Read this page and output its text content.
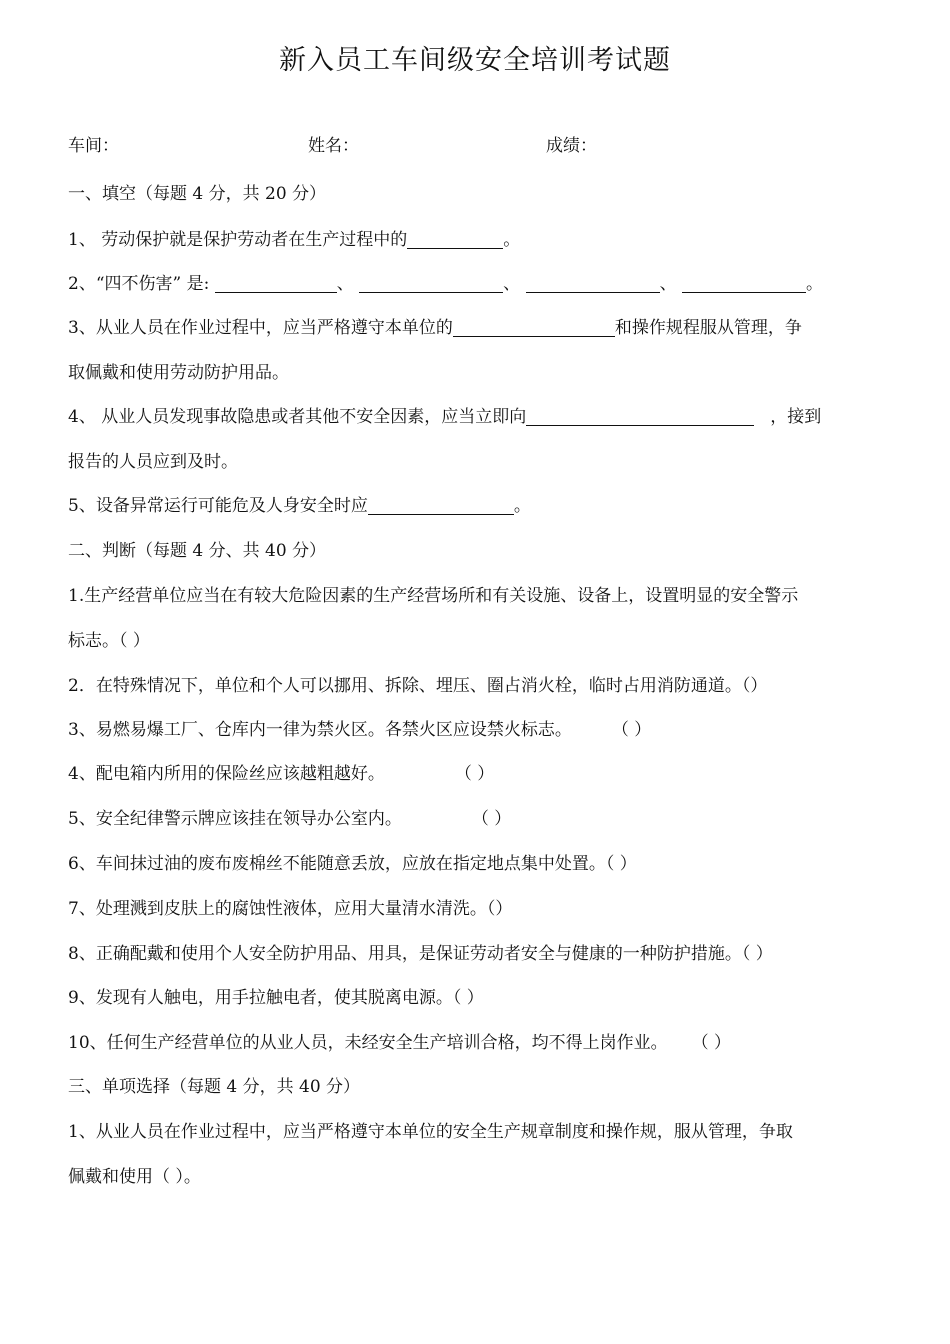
新入员工车间级安全培训考试题
车间：	姓名：	成绩：
一、填空（每题 4 分，共 20 分）
1、 劳动保护就是保护劳动者在生产过程中的	。
2、“四不伤害” 是:	、	、	、	。
3、从业人员在作业过程中，应当严格遵守本单位的	和操作规程服从管理，争
取佩戴和使用劳动防护用品。
4、 从业人员发现事故隐患或者其他不安全因素，应当立即向	，接到
报告的人员应到及时。
5、设备异常运行可能危及人身安全时应	。
二、判断（每题 4 分、共 40 分）
1.生产经营单位应当在有较大危险因素的生产经营场所和有关设施、设备上，设置明显的安全警示
标志。（ ）
2．在特殊情况下，单位和个人可以挪用、拆除、埋压、圈占消火栓，临时占用消防通道。（）
3、易燃易爆工厂、仓库内一律为禁火区。各禁火区应设禁火标志。 （ ）
4、配电箱内所用的保险丝应该越粗越好。	（ ）
5、安全纪律警示牌应该挂在领导办公室内。	（ ）
6、车间抹过油的废布废棉丝不能随意丢放，应放在指定地点集中处置。（ ）
7、处理溅到皮肤上的腐蚀性液体，应用大量清水清洗。（）
8、正确配戴和使用个人安全防护用品、用具，是保证劳动者安全与健康的一种防护措施。（ ）
9、发现有人触电，用手拉触电者，使其脱离电源。（ ）
10、任何生产经营单位的从业人员，未经安全生产培训合格，均不得上岗作业。 （ ）
三、单项选择（每题 4 分，共 40 分）
1、从业人员在作业过程中，应当严格遵守本单位的安全生产规章制度和操作规，服从管理，争取
佩戴和使用（ ）。
